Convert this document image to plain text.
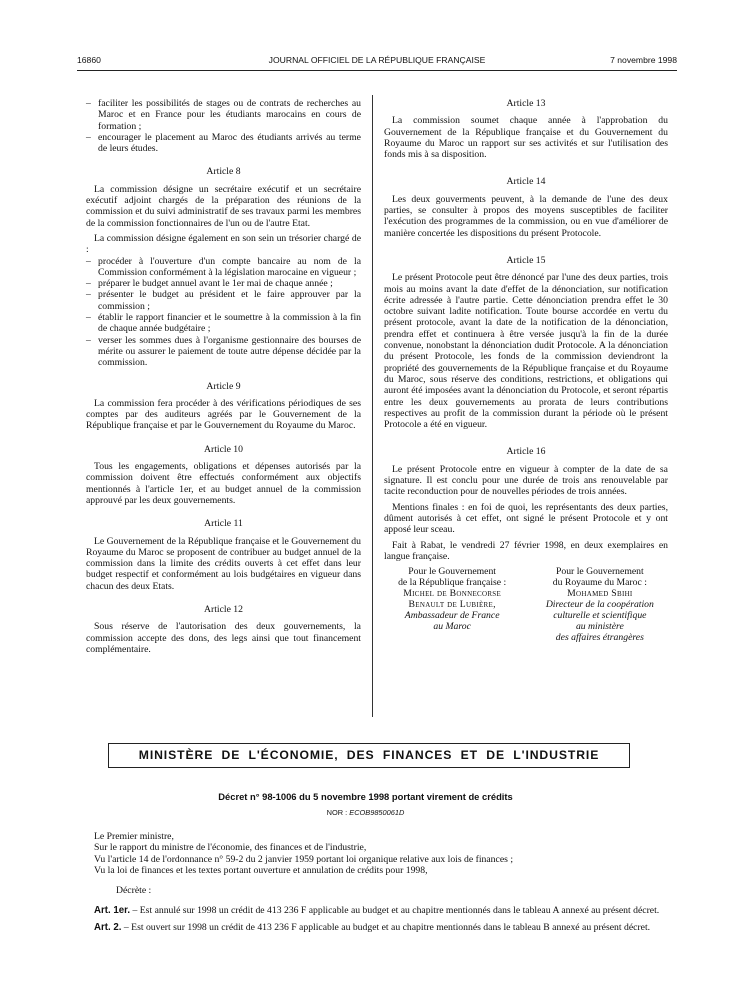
16860	JOURNAL OFFICIEL DE LA RÉPUBLIQUE FRANÇAISE	7 novembre 1998
– faciliter les possibilités de stages ou de contrats de recherches au Maroc et en France pour les étudiants marocains en cours de formation ;
– encourager le placement au Maroc des étudiants arrivés au terme de leurs études.
Article 8

La commission désigne un secrétaire exécutif et un secrétaire exécutif adjoint chargés de la préparation des réunions de la commission et du suivi administratif de ses travaux parmi les membres de la commission fonctionnaires de l'un ou de l'autre Etat.

La commission désigne également en son sein un trésorier chargé de :

– procéder à l'ouverture d'un compte bancaire au nom de la Commission conformément à la législation marocaine en vigueur ;
– préparer le budget annuel avant le 1er mai de chaque année ;
– présenter le budget au président et le faire approuver par la commission ;
– établir le rapport financier et le soumettre à la commission à la fin de chaque année budgétaire ;
– verser les sommes dues à l'organisme gestionnaire des bourses de mérite ou assurer le paiement de toute autre dépense décidée par la commission.
Article 9

La commission fera procéder à des vérifications périodiques de ses comptes par des auditeurs agréés par le Gouvernement de la République française et par le Gouvernement du Royaume du Maroc.

Article 10

Tous les engagements, obligations et dépenses autorisés par la commission doivent être effectués conformément aux objectifs mentionnés à l'article 1er, et au budget annuel de la commission approuvé par les deux gouvernements.

Article 11

Le Gouvernement de la République française et le Gouvernement du Royaume du Maroc se proposent de contribuer au budget annuel de la commission dans la limite des crédits ouverts à cet effet dans leur budget respectif et conformément au lois budgétaires en vigueur dans chacun des deux Etats.

Article 12

Sous réserve de l'autorisation des deux gouvernements, la commission accepte des dons, des legs ainsi que tout financement complémentaire.

Article 13

La commission soumet chaque année à l'approbation du Gouvernement de la République française et du Gouvernement du Royaume du Maroc un rapport sur ses activités et sur l'utilisation des fonds mis à sa disposition.

Article 14

Les deux gouverments peuvent, à la demande de l'une des deux parties, se consulter à propos des moyens susceptibles de faciliter l'exécution des programmes de la commission, ou en vue d'améliorer de manière concertée les dispositions du présent Protocole.

Article 15

Le présent Protocole peut être dénoncé par l'une des deux parties, trois mois au moins avant la date d'effet de la dénonciation, sur notification écrite adressée à l'autre partie. Cette dénonciation prendra effet le 30 octobre suivant ladite notification. Toute bourse accordée en vertu du présent protocole, avant la date de la notification de la dénonciation, prendra effet et continuera à être versée jusqu'à la fin de la durée convenue, nonobstant la dénonciation dudit Protocole. A la dénonciation du présent Protocole, les fonds de la commission deviendront la propriété des gouvernements de la République française et du Royaume du Maroc, sous réserve des conditions, restrictions, et obligations qui auront été imposées avant la dénonciation du Protocole, et seront répartis entre les deux gouvernements au prorata de leurs contributions respectives au profit de la commission durant la période où le présent Protocole a été en vigueur.

Article 16

Le présent Protocole entre en vigueur à compter de la date de sa signature. Il est conclu pour une durée de trois ans renouvelable par tacite reconduction pour de nouvelles périodes de trois années.

Mentions finales : en foi de quoi, les représentants des deux parties, dûment autorisés à cet effet, ont signé le présent Protocole et y ont apposé leur sceau.

Fait à Rabat, le vendredi 27 février 1998, en deux exemplaires en langue française.

Pour le Gouvernement
de la République française :
Michel de Bonnecorse
Benault de Lubière,
Ambassadeur de France
au Maroc
Pour le Gouvernement
du Royaume du Maroc :
Mohamed Sbihi
Directeur de la coopération
culturelle et scientifique
au ministère
des affaires étrangères
MINISTÈRE DE L'ÉCONOMIE, DES FINANCES ET DE L'INDUSTRIE
Décret n° 98-1006 du 5 novembre 1998 portant virement de crédits
NOR : ECOB9850061D

Le Premier ministre,

Sur le rapport du ministre de l'économie, des finances et de l'industrie,

Vu l'article 14 de l'ordonnance n° 59-2 du 2 janvier 1959 portant loi organique relative aux lois de finances ;

Vu la loi de finances et les textes portant ouverture et annulation de crédits pour 1998,

Décrète :

Art. 1er. – Est annulé sur 1998 un crédit de 413 236 F applicable au budget et au chapitre mentionnés dans le tableau A annexé au présent décret.

Art. 2. – Est ouvert sur 1998 un crédit de 413 236 F applicable au budget et au chapitre mentionnés dans le tableau B annexé au présent décret.
